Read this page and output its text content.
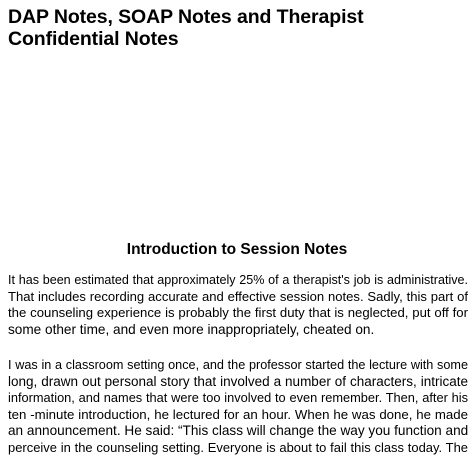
DAP Notes, SOAP Notes and Therapist
Confidential Notes
Introduction to Session Notes

It has been estimated that approximately 25% of a therapist's job is administrative.
That includes recording accurate and effective session notes. Sadly, this part of
the counseling experience is probably the first duty that is neglected, put off for
some other time, and even more inappropriately, cheated on.

I was in a classroom setting once, and the professor started the lecture with some
long, drawn out personal story that involved a number of characters, intricate
information, and names that were too involved to even remember. Then, after his
ten -minute introduction, he lectured for an hour. When he was done, he made
an announcement. He said: “This class will change the way you function and
perceive in the counseling setting. Everyone is about to fail this class today. The
